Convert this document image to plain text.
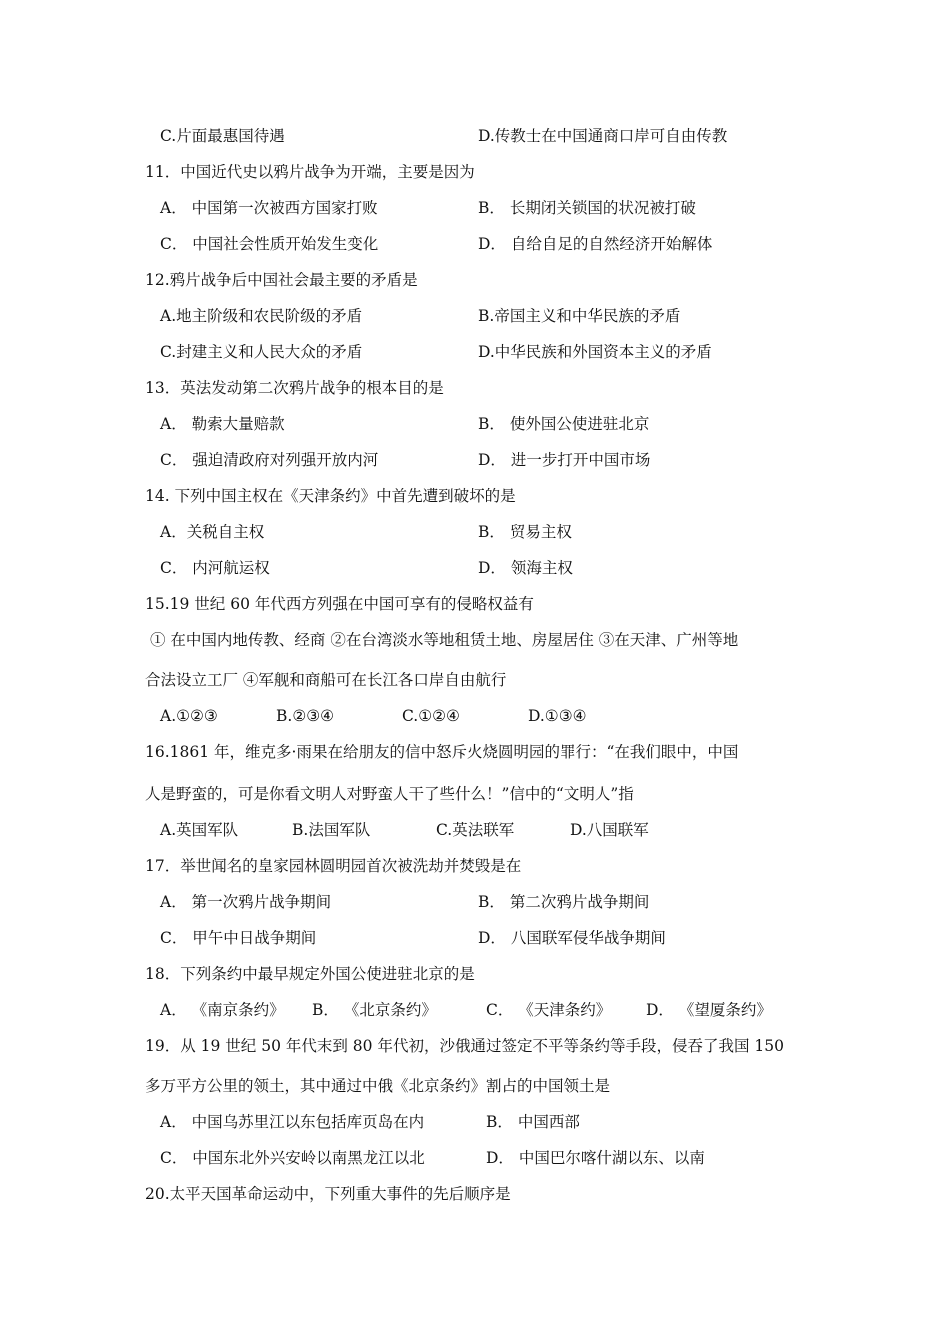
C.片面最惠国待遇	D.传教士在中国通商口岸可自由传教
11．中国近代史以鸦片战争为开端，主要是因为
A． 中国第一次被西方国家打败	B． 长期闭关锁国的状况被打破
C． 中国社会性质开始发生变化	D． 自给自足的自然经济开始解体
12.鸦片战争后中国社会最主要的矛盾是
A.地主阶级和农民阶级的矛盾	B.帝国主义和中华民族的矛盾
C.封建主义和人民大众的矛盾	D.中华民族和外国资本主义的矛盾
13．英法发动第二次鸦片战争的根本目的是
A． 勒索大量赔款	B． 使外国公使进驻北京
C． 强迫清政府对列强开放内河	D． 进一步打开中国市场
14. 下列中国主权在《天津条约》中首先遭到破坏的是
A．关税自主权	B． 贸易主权
C． 内河航运权	D． 领海主权
15.19 世纪 60 年代西方列强在中国可享有的侵略权益有
① 在中国内地传教、经商 ②在台湾淡水等地租赁土地、房屋居住 ③在天津、广州等地
合法设立工厂 ④军舰和商船可在长江各口岸自由航行
A.①②③	B.②③④	C.①②④	D.①③④
16.1861 年，维克多·雨果在给朋友的信中怒斥火烧圆明园的罪行：“在我们眼中，中国
人是野蛮的，可是你看文明人对野蛮人干了些什么！”信中的“文明人”指
A.英国军队	B.法国军队	C.英法联军	D.八国联军
17．举世闻名的皇家园林圆明园首次被洗劫并焚毁是在
A． 第一次鸦片战争期间	B． 第二次鸦片战争期间
C． 甲午中日战争期间	D． 八国联军侵华战争期间
18．下列条约中最早规定外国公使进驻北京的是
A． 《南京条约》 B． 《北京条约》	C． 《天津条约》 D． 《望厦条约》
19．从 19 世纪 50 年代末到 80 年代初，沙俄通过签定不平等条约等手段，侵吞了我国 150
多万平方公里的领土，其中通过中俄《北京条约》割占的中国领土是
A． 中国乌苏里江以东包括库页岛在内	B． 中国西部
C． 中国东北外兴安岭以南黑龙江以北	D． 中国巴尔喀什湖以东、以南
20.太平天国革命运动中，下列重大事件的先后顺序是
